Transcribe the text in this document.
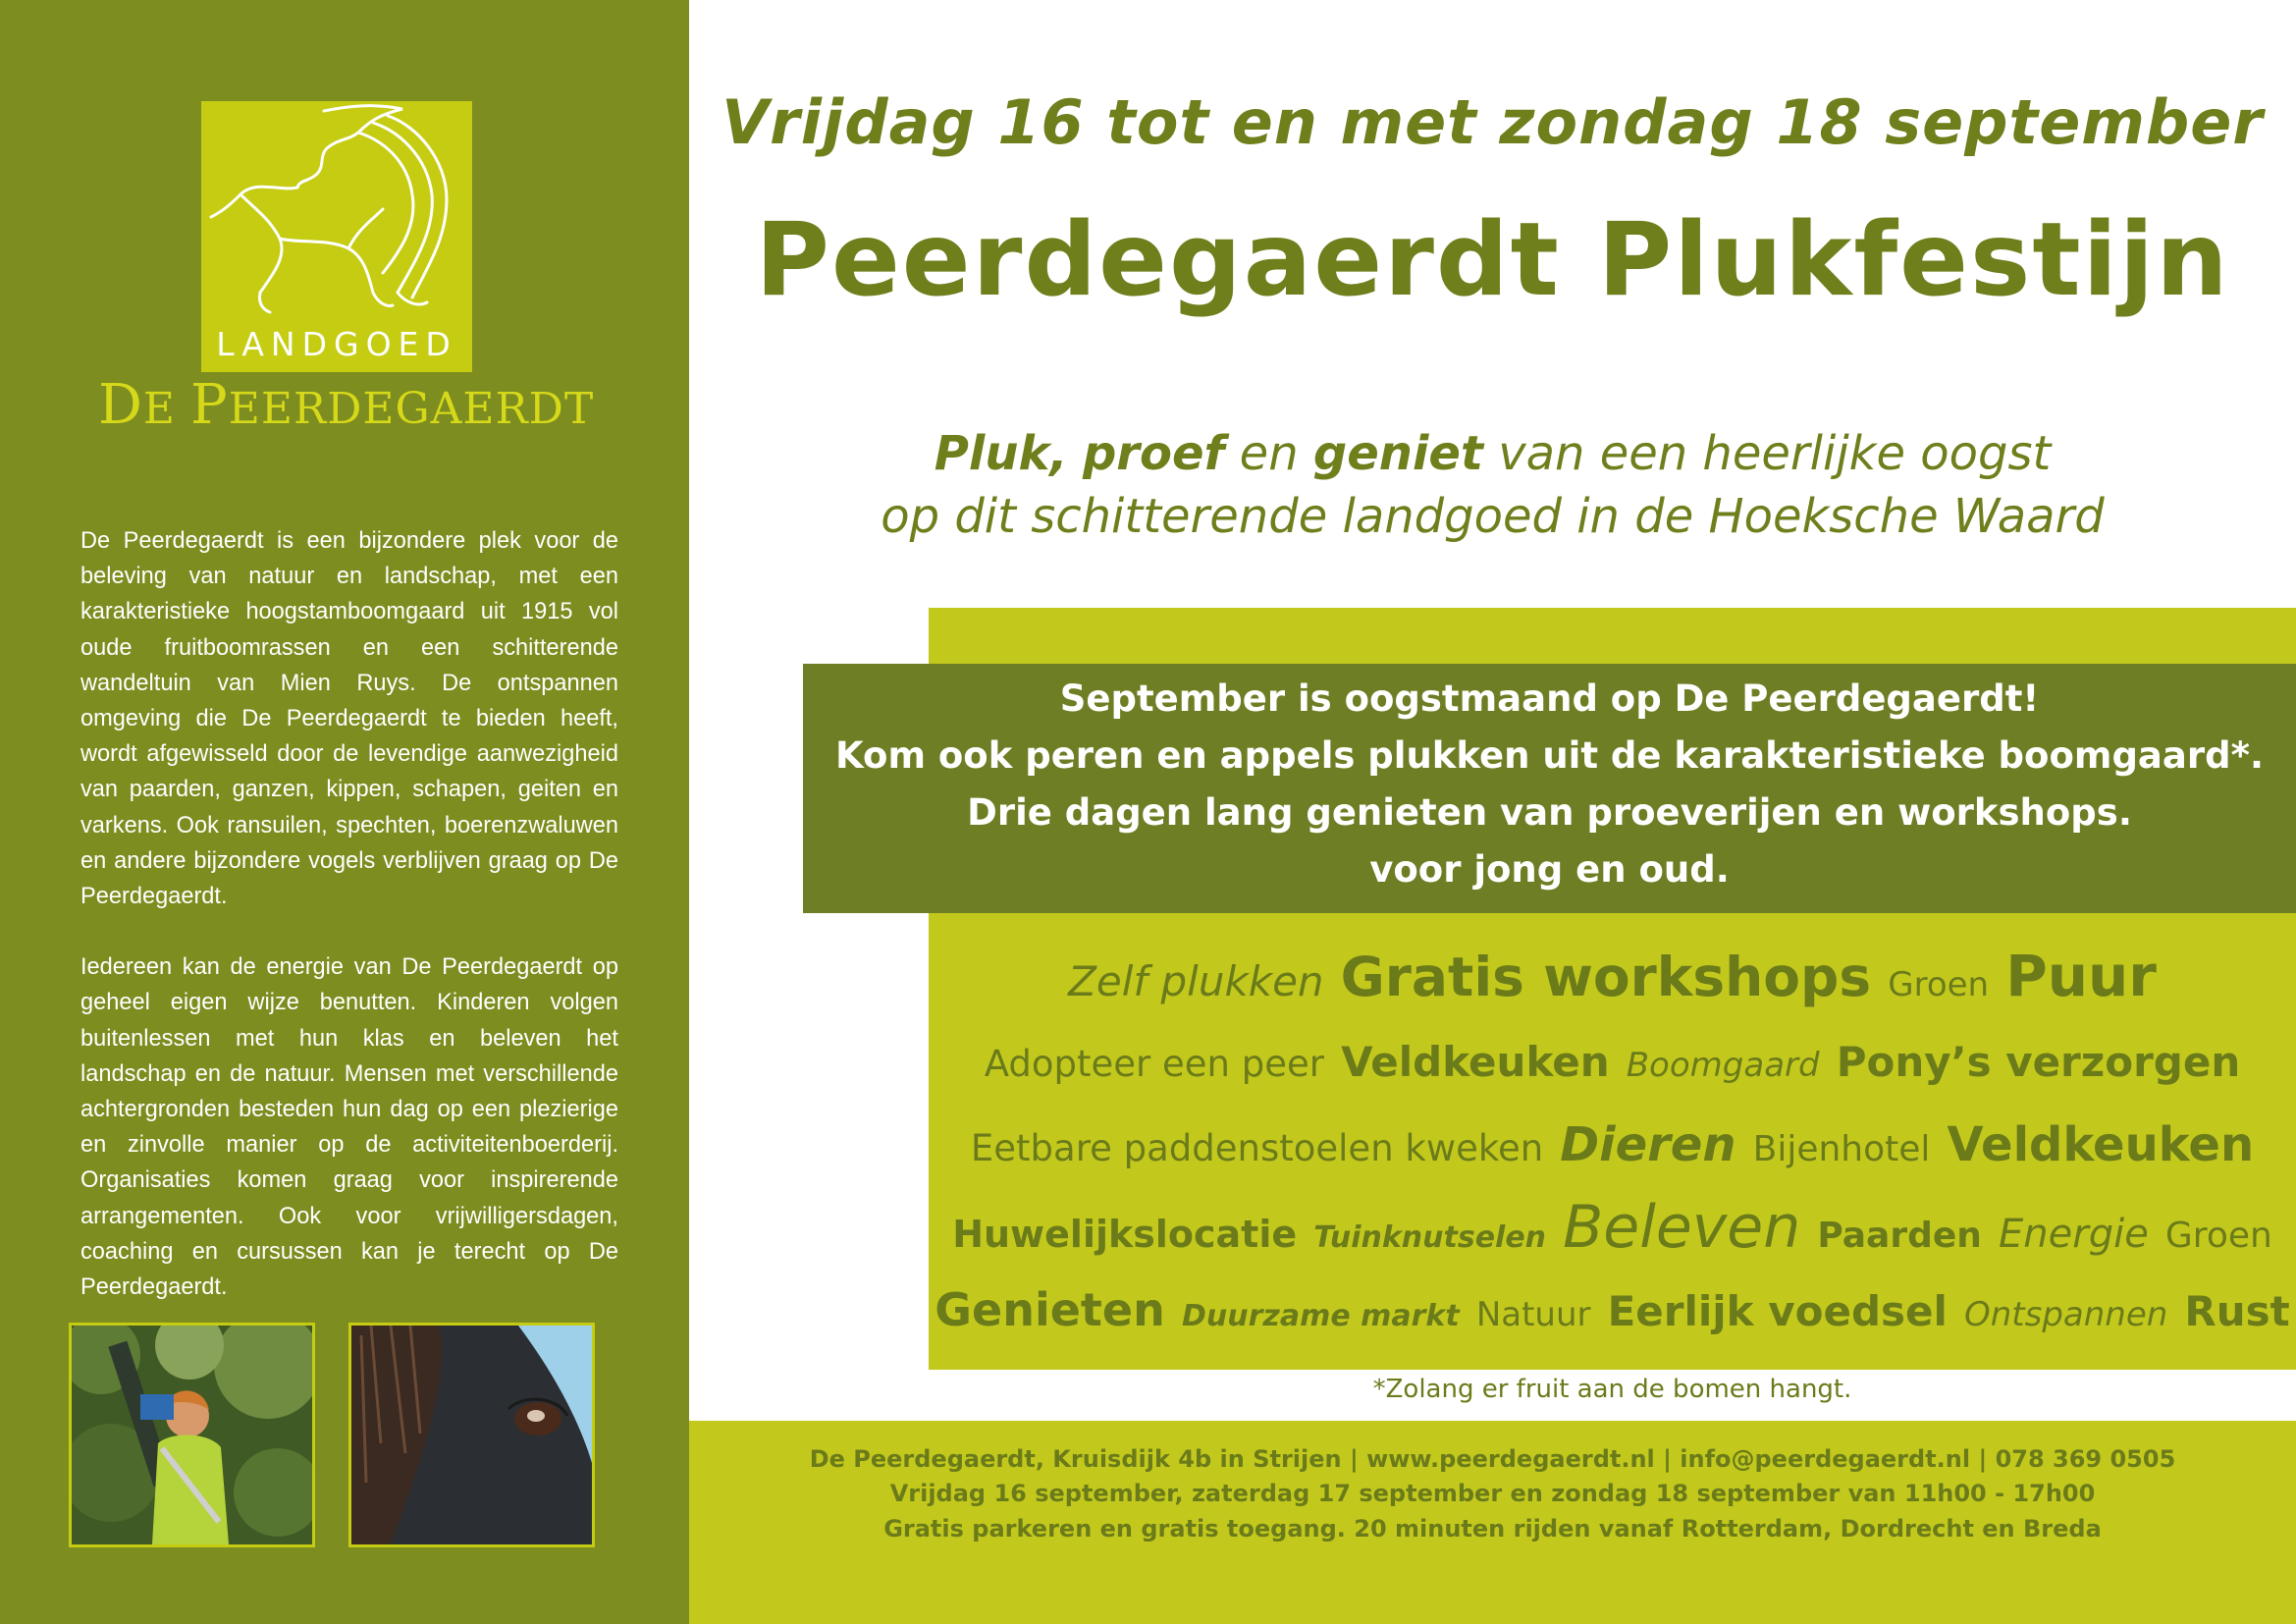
LANDGOED
DE PEERDEGAERDT

De Peerdegaerdt is een bijzondere plek voor de beleving van natuur en landschap, met een karakteristieke hoogstamboomgaard uit 1915 vol oude fruitboomrassen en een schitterende wandeltuin van Mien Ruys. De ontspannen omgeving die De Peerdegaerdt te bieden heeft, wordt afgewisseld door de levendige aanwezigheid van paarden, ganzen, kippen, schapen, geiten en varkens. Ook ransuilen, spechten, boerenzwaluwen en andere bijzondere vogels verblijven graag op De Peerdegaerdt.

Iedereen kan de energie van De Peerdegaerdt op geheel eigen wijze benutten. Kinderen volgen buitenlessen met hun klas en beleven het landschap en de natuur. Mensen met verschillende achtergronden besteden hun dag op een plezierige en zinvolle manier op de activiteitenboerderij. Organisaties komen graag voor inspirerende arrangementen. Ook voor vrijwilligersdagen, coaching en cursussen kan je terecht op De Peerdegaerdt.

Vrijdag 16 tot en met zondag 18 september
Peerdegaerdt Plukfestijn
Pluk, proef en geniet van een heerlijke oogst
op dit schitterende landgoed in de Hoeksche Waard
September is oogstmaand op De Peerdegaerdt!
Kom ook peren en appels plukken uit de karakteristieke boomgaard*.
Drie dagen lang genieten van proeverijen en workshops.
voor jong en oud.
Zelf plukken Gratis workshops Groen Puur
Adopteer een peer Veldkeuken Boomgaard Pony’s verzorgen
Eetbare paddenstoelen kweken Dieren Bijenhotel Veldkeuken
Huwelijkslocatie Tuinknutselen Beleven Paarden Energie Groen
Genieten Duurzame markt Natuur Eerlijk voedsel Ontspannen Rust
*Zolang er fruit aan de bomen hangt.
De Peerdegaerdt, Kruisdijk 4b in Strijen | www.peerdegaerdt.nl | info@peerdegaerdt.nl | 078 369 0505
Vrijdag 16 september, zaterdag 17 september en zondag 18 september van 11h00 - 17h00
Gratis parkeren en gratis toegang. 20 minuten rijden vanaf Rotterdam, Dordrecht en Breda
